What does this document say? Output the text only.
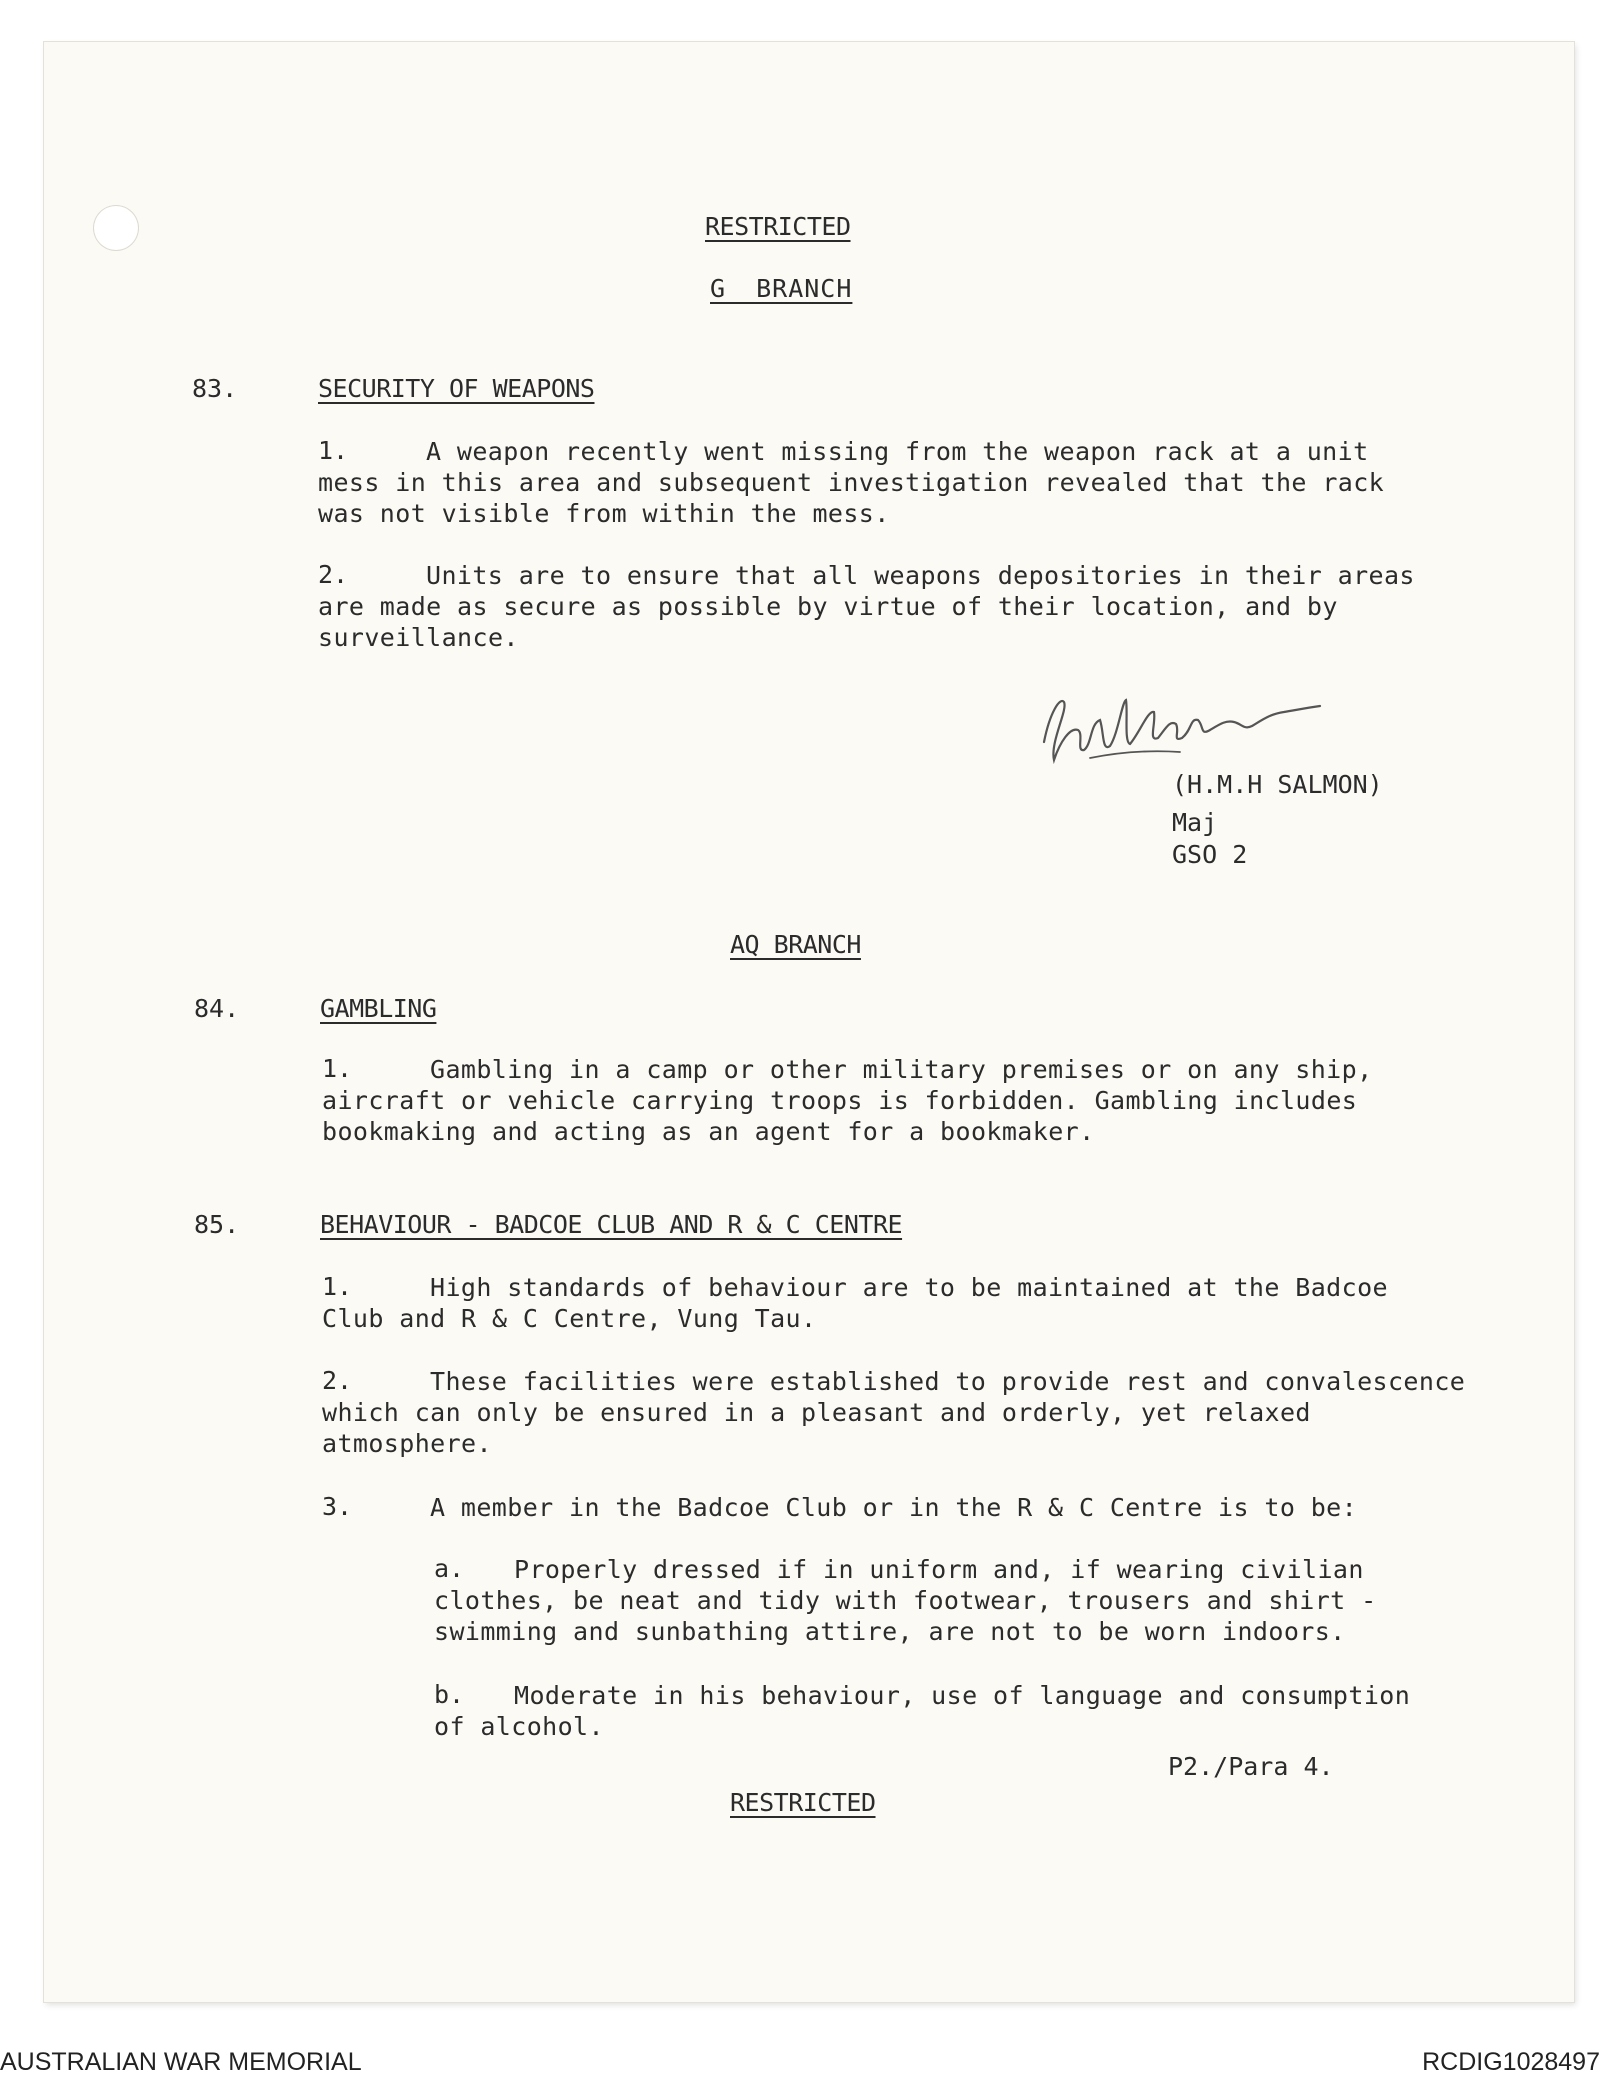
RESTRICTED
G BRANCH
83.	SECURITY OF WEAPONS
1.	A weapon recently went missing from the weapon rack at a unit
mess in this area and subsequent investigation revealed that the rack
was not visible from within the mess.
2.	Units are to ensure that all weapons depositories in their areas
are made as secure as possible by virtue of their location, and by
surveillance.
(H.M.H SALMON)
Maj
GSO 2
AQ BRANCH
84.	GAMBLING
1.	Gambling in a camp or other military premises or on any ship,
aircraft or vehicle carrying troops is forbidden. Gambling includes
bookmaking and acting as an agent for a bookmaker.
85.	BEHAVIOUR - BADCOE CLUB AND R & C CENTRE
1.	High standards of behaviour are to be maintained at the Badcoe
Club and R & C Centre, Vung Tau.
2.	These facilities were established to provide rest and convalescence
which can only be ensured in a pleasant and orderly, yet relaxed
atmosphere.
3.	A member in the Badcoe Club or in the R & C Centre is to be:
a.	Properly dressed if in uniform and, if wearing civilian
clothes, be neat and tidy with footwear, trousers and shirt -
swimming and sunbathing attire, are not to be worn indoors.
b.	Moderate in his behaviour, use of language and consumption
of alcohol.
P2./Para 4.
RESTRICTED
AUSTRALIAN WAR MEMORIAL	RCDIG1028497
